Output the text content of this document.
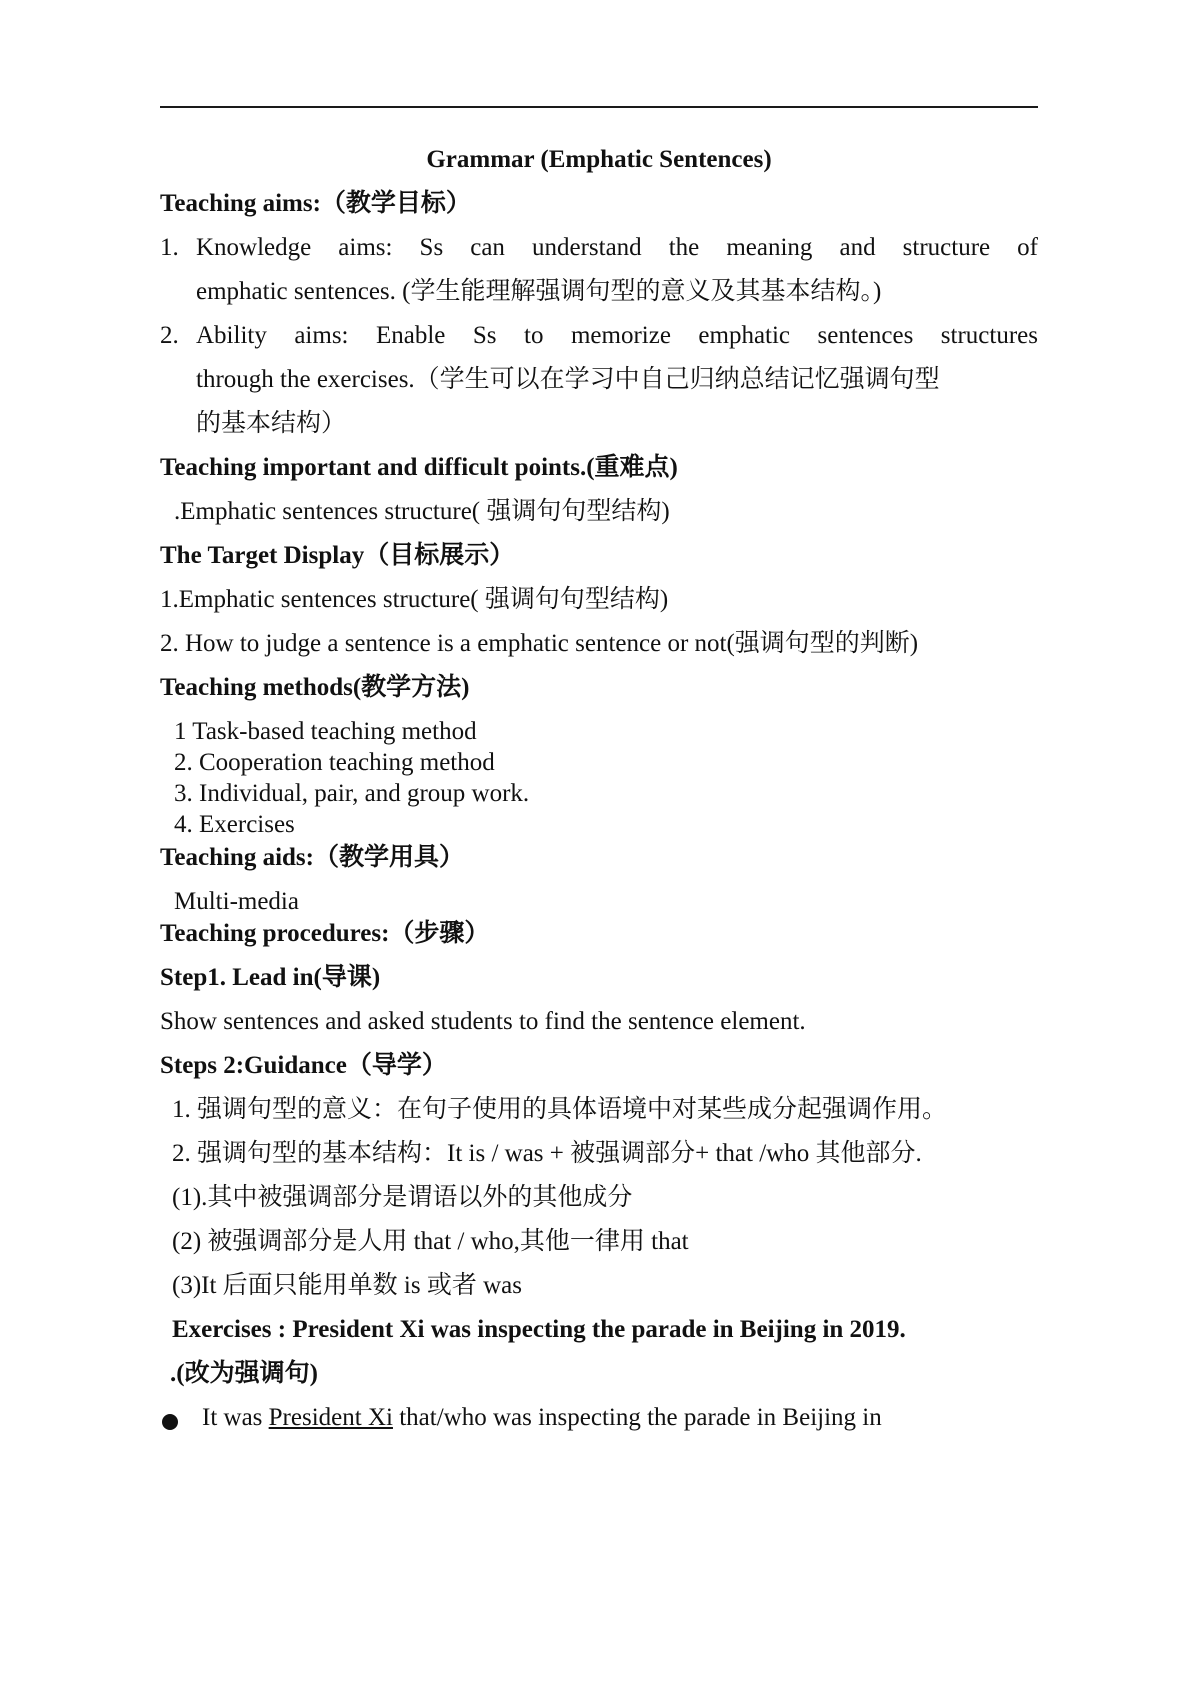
Grammar (Emphatic Sentences)
Teaching aims:（教学目标）
1. Knowledge aims: Ss can understand the meaning and structure of
emphatic sentences. (学生能理解强调句型的意义及其基本结构。)
2. Ability aims: Enable Ss to memorize emphatic sentences structures
through the exercises.（学生可以在学习中自己归纳总结记忆强调句型
的基本结构）
Teaching important and difficult points.(重难点)
.Emphatic sentences structure( 强调句句型结构)
The Target Display（目标展示）
1.Emphatic sentences structure( 强调句句型结构)
2. How to judge a sentence is a emphatic sentence or not(强调句型的判断)
Teaching methods(教学方法)
1 Task-based teaching method
2. Cooperation teaching method
3. Individual, pair, and group work.
4. Exercises
Teaching aids:（教学用具）
Multi-media
Teaching procedures:（步骤）
Step1. Lead in(导课)
Show sentences and asked students to find the sentence element.
Steps 2:Guidance（导学）
1. 强调句型的意义：在句子使用的具体语境中对某些成分起强调作用。
2. 强调句型的基本结构：It is / was + 被强调部分+ that /who 其他部分.
(1).其中被强调部分是谓语以外的其他成分
(2) 被强调部分是人用 that / who,其他一律用 that
(3)It 后面只能用单数 is 或者 was
Exercises : President Xi was inspecting the parade in Beijing in 2019.
.(改为强调句)
It was President Xi that/who was inspecting the parade in Beijing in
